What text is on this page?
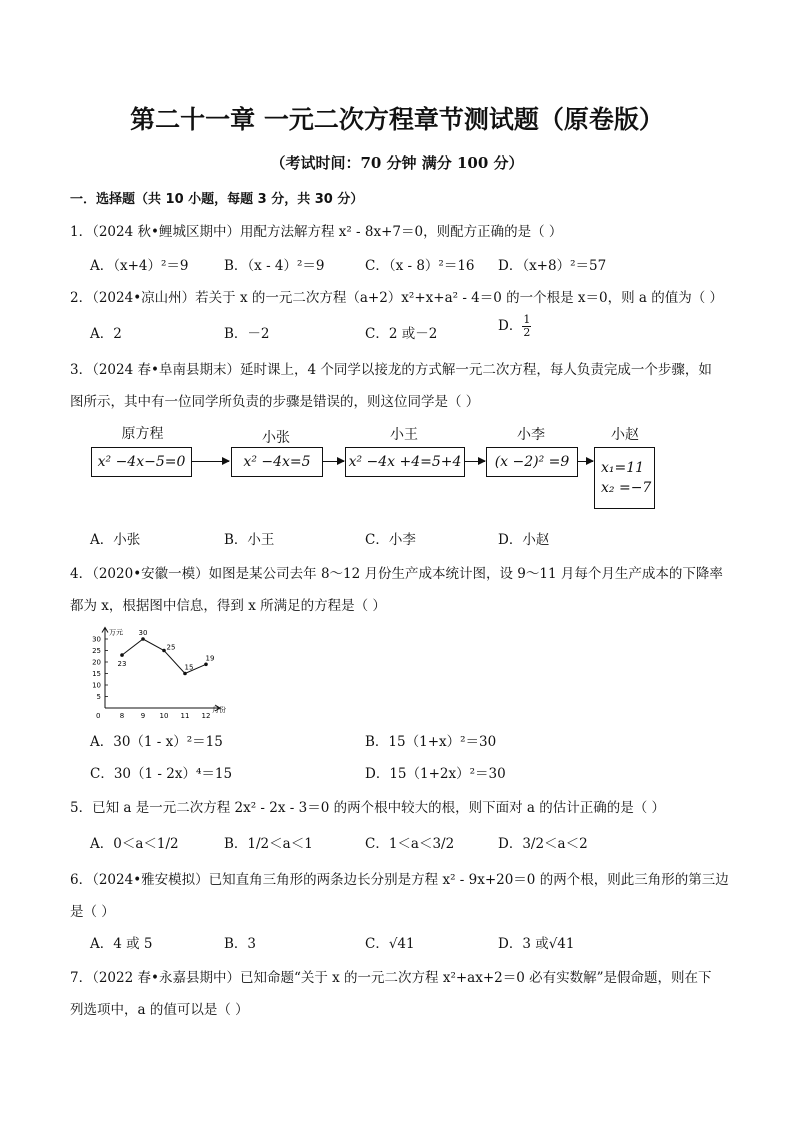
第二十一章 一元二次方程章节测试题（原卷版）
（考试时间：70 分钟 满分 100 分）
一．选择题（共 10 小题，每题 3 分，共 30 分）
1．（2024 秋•鲤城区期中）用配方法解方程 x² - 8x+7＝0，则配方正确的是（ ）
A．（x+4）²＝9	B．（x - 4）²＝9	C．（x - 8）²＝16 D．（x+8）²＝57
2．（2024•凉山州）若关于 x 的一元二次方程（a+2）x²+x+a² - 4＝0 的一个根是 x＝0，则 a 的值为（ ）
A．2	B．－2	C．2 或－2	D． $\frac{1}{2}$
3．（2024 春•阜南县期末）延时课上，4 个同学以接龙的方式解一元二次方程，每人负责完成一个步骤，如
图所示，其中有一位同学所负责的步骤是错误的，则这位同学是（ ）
原方程	小张	小王	小李	小赵
x² −4x−5=0	x² −4x=5	x² −4x +4=5+4	(x −2)² =9	x₁=11
x₂ =−7
A．小张	B．小王	C．小李	D．小赵
4．（2020•安徽一模）如图是某公司去年 8～12 月份生产成本统计图，设 9～11 月每个月生产成本的下降率
都为 x，根据图中信息，得到 x 所满足的方程是（ ）
万元
月份
0
5
10
15
20
25
30
8 9 10 11 12
23
30
25
15
19
A．30（1 - x）²＝15	B．15（1+x）²＝30
C．30（1 - 2x）⁴＝15	D．15（1+2x）²＝30
5．已知 a 是一元二次方程 2x² - 2x - 3＝0 的两个根中较大的根，则下面对 a 的估计正确的是（ ）
A．0＜a＜1/2	B．1/2＜a＜1	C．1＜a＜3/2	D．3/2＜a＜2
6．（2024•雅安模拟）已知直角三角形的两条边长分别是方程 x² - 9x+20＝0 的两个根，则此三角形的第三边
是（ ）
A．4 或 5	B．3	C．√41	D．3 或√41
7．（2022 春•永嘉县期中）已知命题“关于 x 的一元二次方程 x²+ax+2＝0 必有实数解”是假命题，则在下
列选项中，a 的值可以是（ ）
